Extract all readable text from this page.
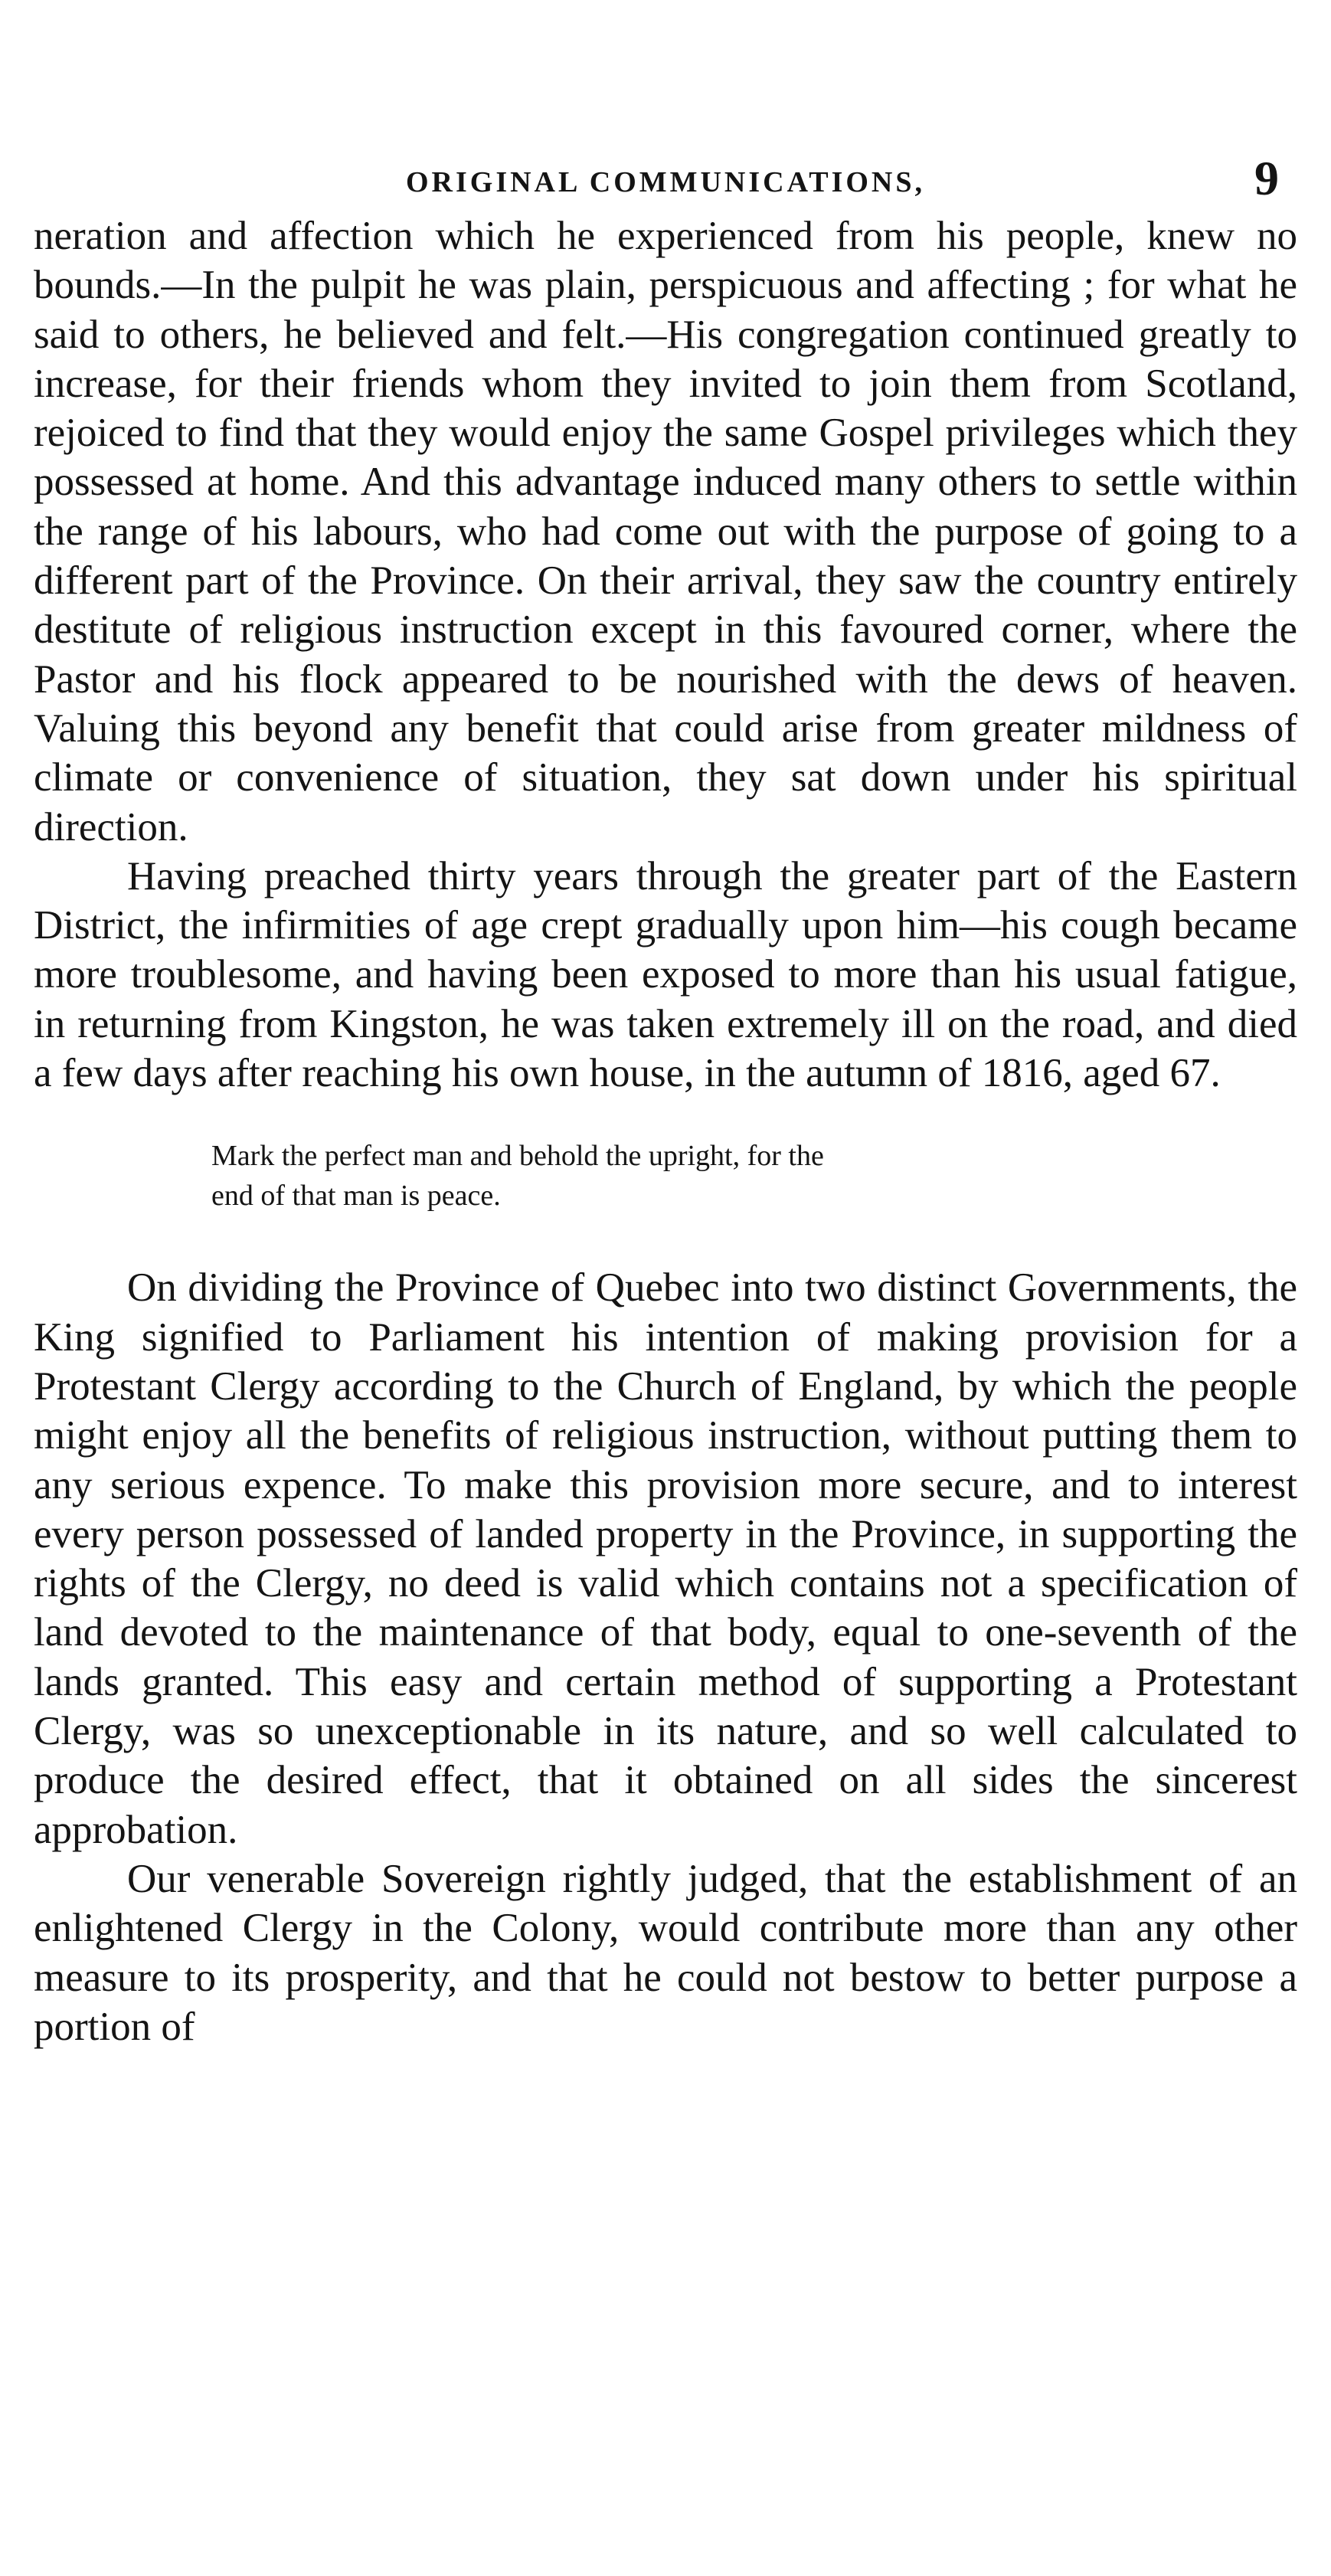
ORIGINAL COMMUNICATIONS,	9

neration and affection which he experienced from his people, knew no bounds.—In the pulpit he was plain, perspicuous and affecting ; for what he said to others, he believed and felt.—His congregation continued greatly to increase, for their friends whom they invited to join them from Scotland, rejoiced to find that they would enjoy the same Gospel privileges which they possessed at home. And this advantage induced many others to settle within the range of his labours, who had come out with the purpose of going to a different part of the Province. On their arrival, they saw the country entirely destitute of religious instruction except in this favoured corner, where the Pastor and his flock appeared to be nourished with the dews of heaven. Valuing this beyond any benefit that could arise from greater mildness of climate or convenience of situation, they sat down under his spiritual direction.

Having preached thirty years through the greater part of the Eastern District, the infirmities of age crept gradually upon him—his cough became more troublesome, and having been exposed to more than his usual fatigue, in returning from Kingston, he was taken extremely ill on the road, and died a few days after reaching his own house, in the autumn of 1816, aged 67.

Mark the perfect man and behold the upright, for the
end of that man is peace.

On dividing the Province of Quebec into two distinct Governments, the King signified to Parliament his intention of making provision for a Protestant Clergy according to the Church of England, by which the people might enjoy all the benefits of religious instruction, without putting them to any serious expence. To make this provision more secure, and to interest every person possessed of landed property in the Province, in supporting the rights of the Clergy, no deed is valid which contains not a specification of land devoted to the maintenance of that body, equal to one-seventh of the lands granted. This easy and certain method of supporting a Protestant Clergy, was so unexceptionable in its nature, and so well calculated to produce the desired effect, that it obtained on all sides the sincerest approbation.

Our venerable Sovereign rightly judged, that the establishment of an enlightened Clergy in the Colony, would contribute more than any other measure to its prosperity, and that he could not bestow to better purpose a portion of
